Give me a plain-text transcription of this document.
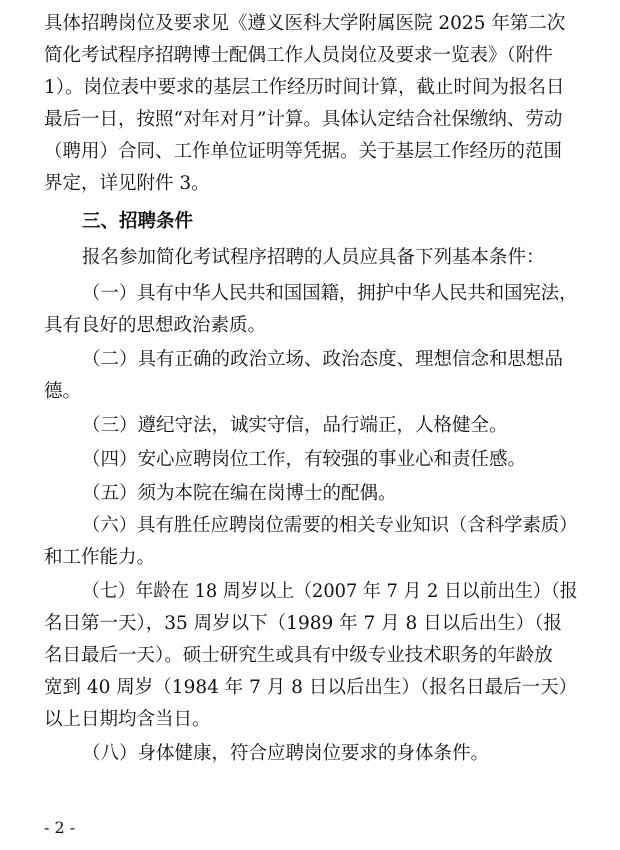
具体招聘岗位及要求见《遵义医科大学附属医院 2025 年第二次
简化考试程序招聘博士配偶工作人员岗位及要求一览表》（附件
1）。岗位表中要求的基层工作经历时间计算，截止时间为报名日
最后一日，按照“对年对月”计算。具体认定结合社保缴纳、劳动
（聘用）合同、工作单位证明等凭据。关于基层工作经历的范围
界定，详见附件 3。
三、招聘条件
报名参加简化考试程序招聘的人员应具备下列基本条件：
（一）具有中华人民共和国国籍，拥护中华人民共和国宪法，
具有良好的思想政治素质。
（二）具有正确的政治立场、政治态度、理想信念和思想品
德。
（三）遵纪守法，诚实守信，品行端正，人格健全。
（四）安心应聘岗位工作，有较强的事业心和责任感。
（五）须为本院在编在岗博士的配偶。
（六）具有胜任应聘岗位需要的相关专业知识（含科学素质）
和工作能力。
（七）年龄在 18 周岁以上（2007 年 7 月 2 日以前出生）（报
名日第一天），35 周岁以下（1989 年 7 月 8 日以后出生）（报
名日最后一天）。硕士研究生或具有中级专业技术职务的年龄放
宽到 40 周岁（1984 年 7 月 8 日以后出生）（报名日最后一天）
以上日期均含当日。
（八）身体健康，符合应聘岗位要求的身体条件。
- 2 -
